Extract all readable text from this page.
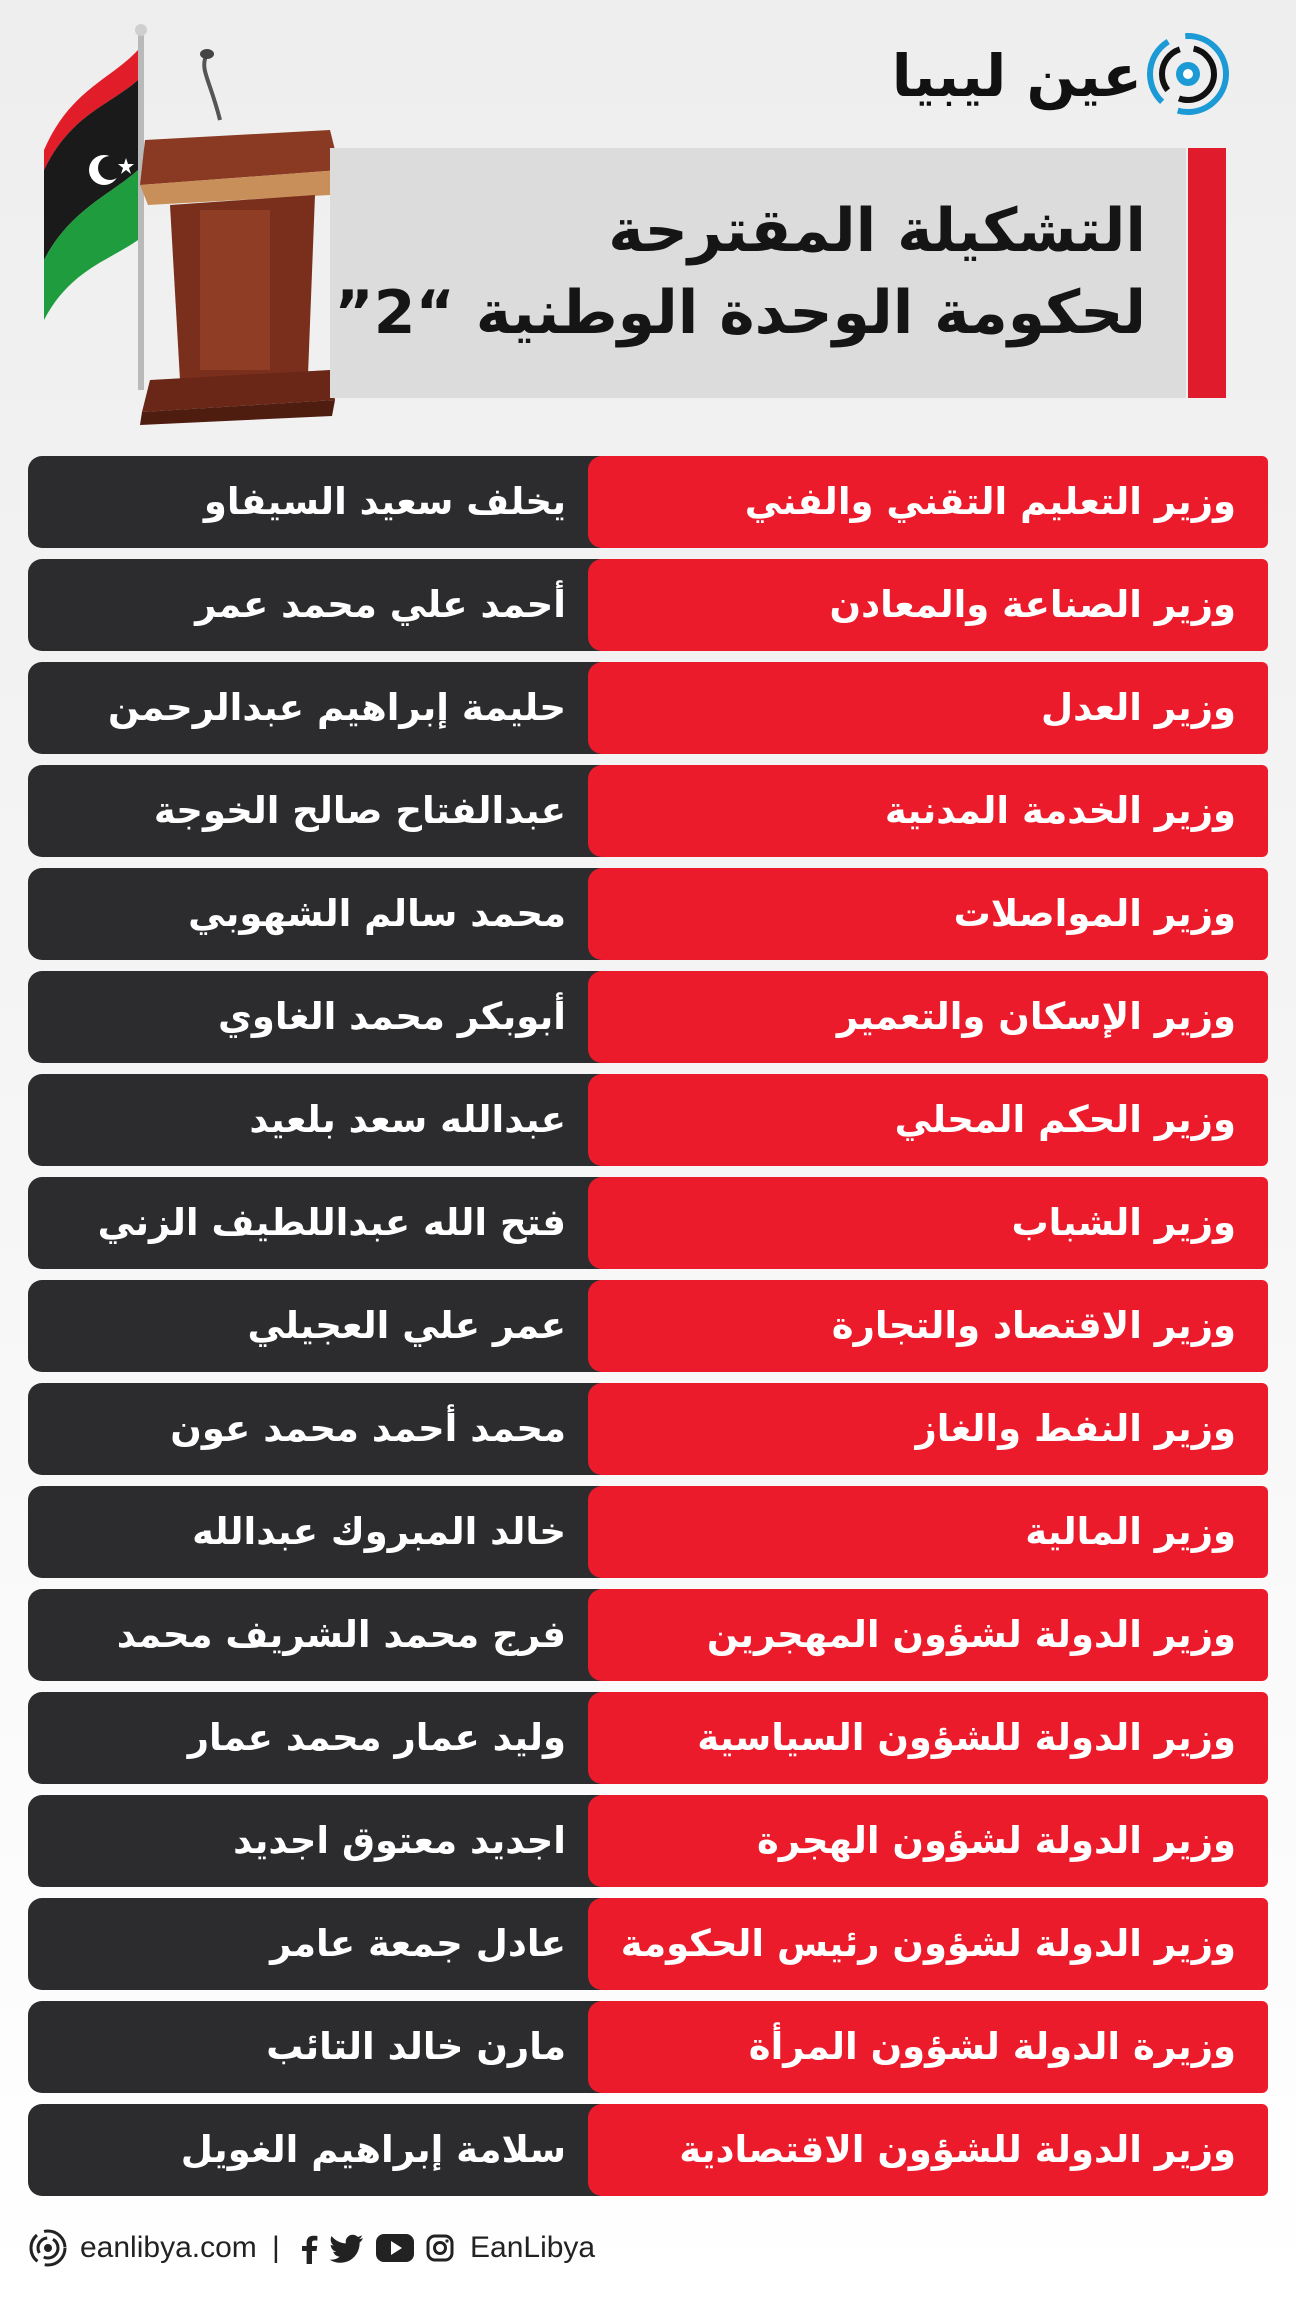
عين ليبيا
التشكيلة المقترحة
لحكومة الوحدة الوطنية “2”
يخلف سعيد السيفاو	وزير التعليم التقني والفني
أحمد علي محمد عمر	وزير الصناعة والمعادن
حليمة إبراهيم عبدالرحمن	وزير العدل
عبدالفتاح صالح الخوجة	وزير الخدمة المدنية
محمد سالم الشهوبي	وزير المواصلات
أبوبكر محمد الغاوي	وزير الإسكان والتعمير
عبدالله سعد بلعيد	وزير الحكم المحلي
فتح الله عبداللطيف الزني	وزير الشباب
عمر علي العجيلي	وزير الاقتصاد والتجارة
محمد أحمد محمد عون	وزير النفط والغاز
خالد المبروك عبدالله	وزير المالية
فرج محمد الشريف محمد	وزير الدولة لشؤون المهجرين
وليد عمار محمد عمار	وزير الدولة للشؤون السياسية
اجديد معتوق اجديد	وزير الدولة لشؤون الهجرة
عادل جمعة عامر	وزير الدولة لشؤون رئيس الحكومة
مارن خالد التائب	وزيرة الدولة لشؤون المرأة
سلامة إبراهيم الغويل	وزير الدولة للشؤون الاقتصادية
eanlibya.com |	EanLibya
